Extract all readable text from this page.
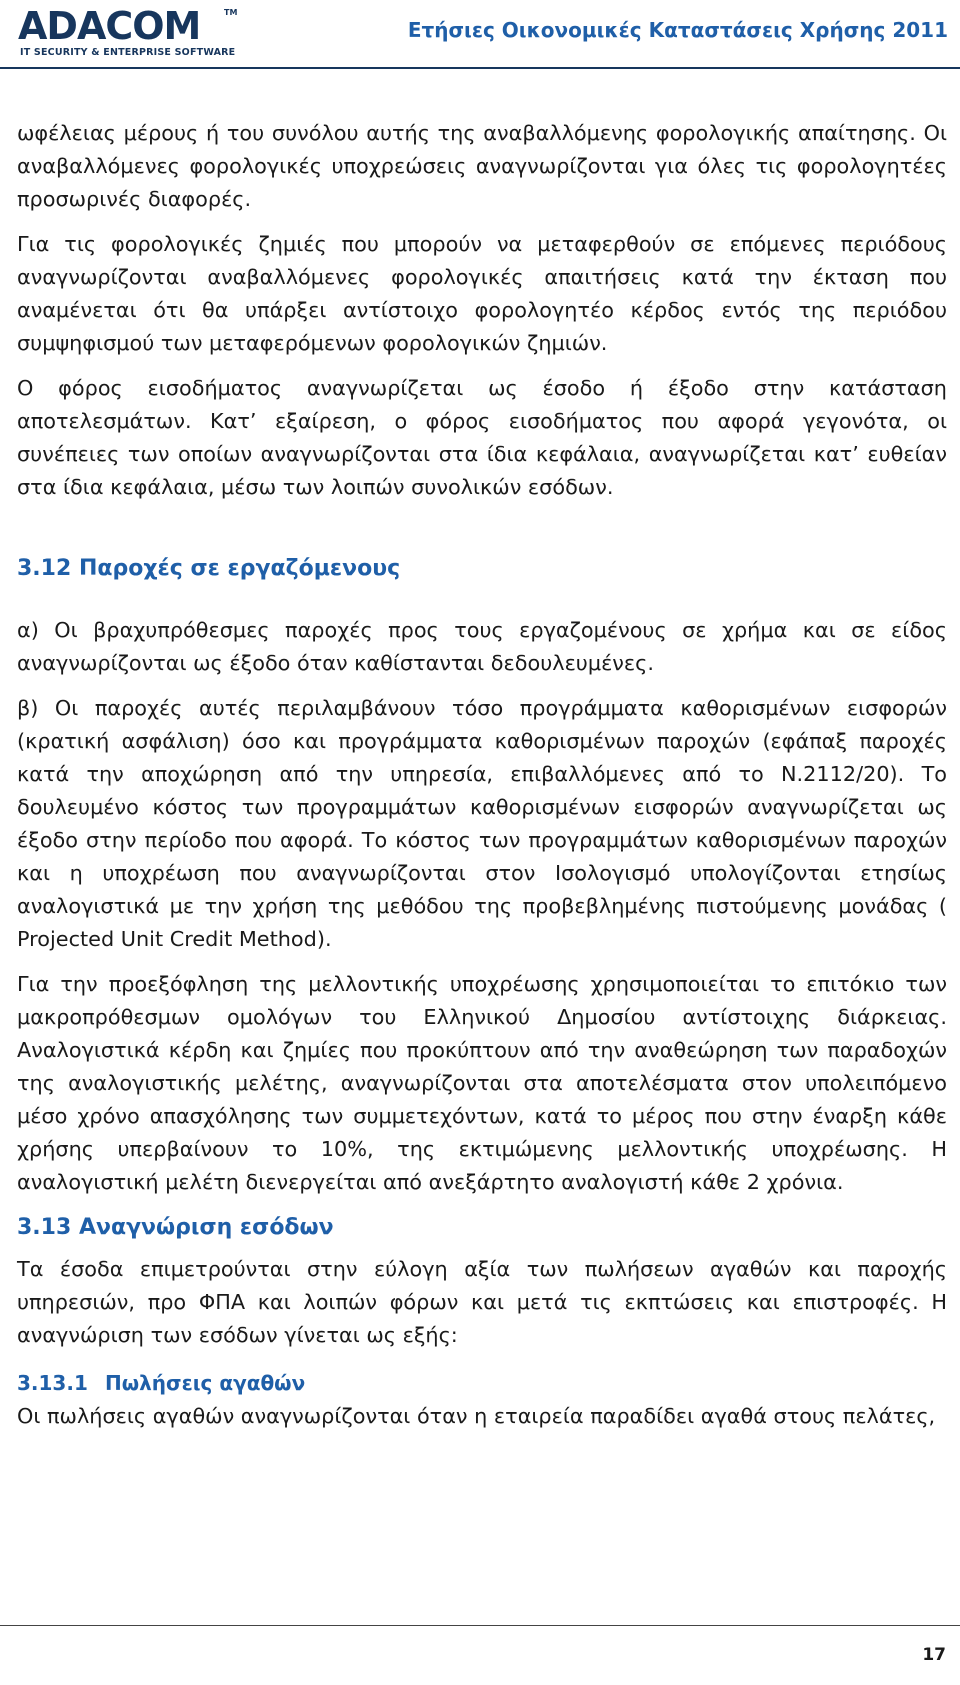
ADACOM	TM
IT SECURITY & ENTERPRISE SOFTWARE
Ετήσιες Οικονομικές Καταστάσεις Χρήσης 2011

ωφέλειας μέρους ή του συνόλου αυτής της αναβαλλόμενης φορολογικής απαίτησης. Οι αναβαλλόμενες φορολογικές υποχρεώσεις αναγνωρίζονται για όλες τις φορολογητέες προσωρινές διαφορές.

Για τις φορολογικές ζημιές που μπορούν να μεταφερθούν σε επόμενες περιόδους αναγνωρίζονται αναβαλλόμενες φορολογικές απαιτήσεις κατά την έκταση που αναμένεται ότι θα υπάρξει αντίστοιχο φορολογητέο κέρδος εντός της περιόδου συμψηφισμού των μεταφερόμενων φορολογικών ζημιών.

Ο φόρος εισοδήματος αναγνωρίζεται ως έσοδο ή έξοδο στην κατάσταση αποτελεσμάτων. Κατ’ εξαίρεση, ο φόρος εισοδήματος που αφορά γεγονότα, οι συνέπειες των οποίων αναγνωρίζονται στα ίδια κεφάλαια, αναγνωρίζεται κατ’ ευθείαν στα ίδια κεφάλαια, μέσω των λοιπών συνολικών εσόδων.

3.12 Παροχές σε εργαζόμενους

α) Οι βραχυπρόθεσμες παροχές προς τους εργαζομένους σε χρήμα και σε είδος αναγνωρίζονται ως έξοδο όταν καθίστανται δεδουλευμένες.

β) Οι παροχές αυτές περιλαμβάνουν τόσο προγράμματα καθορισμένων εισφορών (κρατική ασφάλιση) όσο και προγράμματα καθορισμένων παροχών (εφάπαξ παροχές κατά την αποχώρηση από την υπηρεσία, επιβαλλόμενες από το Ν.2112/20). Το δουλευμένο κόστος των προγραμμάτων καθορισμένων εισφορών αναγνωρίζεται ως έξοδο στην περίοδο που αφορά. Το κόστος των προγραμμάτων καθορισμένων παροχών και η υποχρέωση που αναγνωρίζονται στον Ισολογισμό υπολογίζονται ετησίως αναλογιστικά με την χρήση της μεθόδου της προβεβλημένης πιστούμενης μονάδας ( Projected Unit Credit Method).

Για την προεξόφληση της μελλοντικής υποχρέωσης χρησιμοποιείται το επιτόκιο των μακροπρόθεσμων ομολόγων του Ελληνικού Δημοσίου αντίστοιχης διάρκειας. Αναλογιστικά κέρδη και ζημίες που προκύπτουν από την αναθεώρηση των παραδοχών της αναλογιστικής μελέτης, αναγνωρίζονται στα αποτελέσματα στον υπολειπόμενο μέσο χρόνο απασχόλησης των συμμετεχόντων, κατά το μέρος που στην έναρξη κάθε χρήσης υπερβαίνουν το 10%, της εκτιμώμενης μελλοντικής υποχρέωσης. Η αναλογιστική μελέτη διενεργείται από ανεξάρτητο αναλογιστή κάθε 2 χρόνια.

3.13 Αναγνώριση εσόδων

Τα έσοδα επιμετρούνται στην εύλογη αξία των πωλήσεων αγαθών και παροχής υπηρεσιών, προ ΦΠΑ και λοιπών φόρων και μετά τις εκπτώσεις και επιστροφές. Η αναγνώριση των εσόδων γίνεται ως εξής:

3.13.1 Πωλήσεις αγαθών

Οι πωλήσεις αγαθών αναγνωρίζονται όταν η εταιρεία παραδίδει αγαθά στους πελάτες,

17
